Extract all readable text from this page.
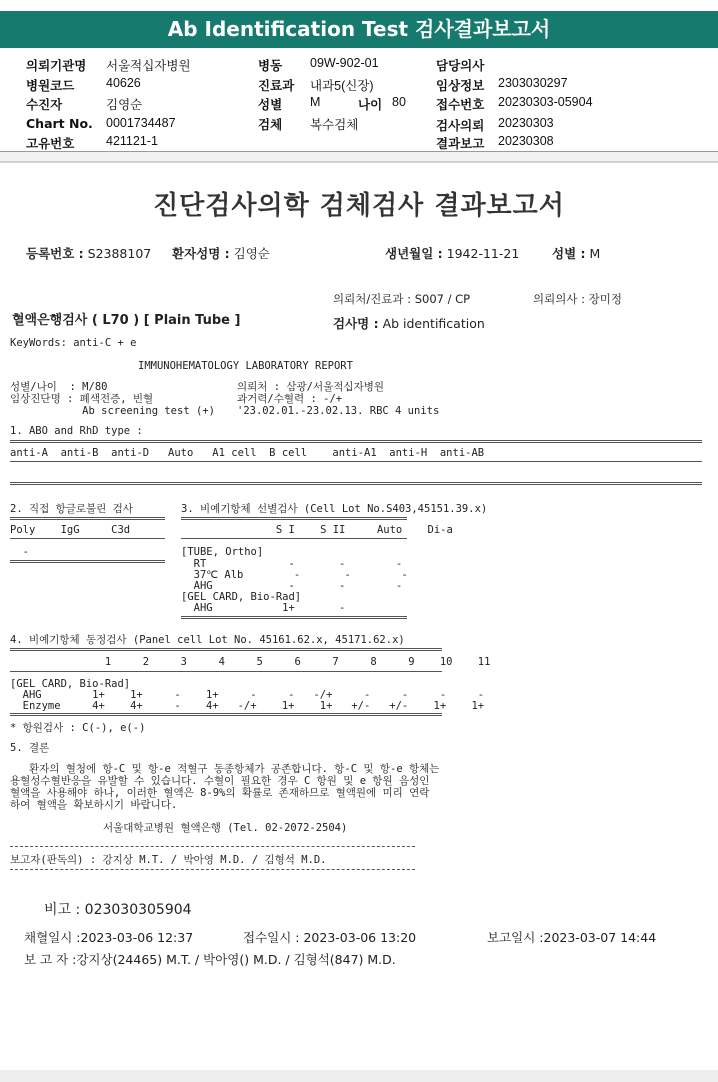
Ab Identification Test 검사결과보고서
의뢰기관명 서울적십자병원
병원코드	40626
수진자	김영순
Chart No. 0001734487
고유번호	421121-1
병동 09W-902-01
진료과 내과5(신장)
성별 M	나이 80
검체 복수검체
담당의사
임상정보 2303030297
접수번호 20230303-05904
검사의뢰 20230303
결과보고 20230308
진단검사의학 검체검사 결과보고서
등록번호 : S2388107 환자성명 : 김영순	생년월일 : 1942-11-21	성별 : M
의뢰처/진료과 : S007 / CP	의뢰의사 : 장미정
혈액은행검사 ( L70 ) [ Plain Tube ]	검사명 : Ab identification
KeyWords: anti-C + e
IMMUNOHEMATOLOGY LABORATORY REPORT
성별/나이  : M/80
임상진단명 : 폐색전증, 빈혈
Ab screening test (+)
의뢰처 : 삼광/서울적십자병원
과거력/수혈력 : -/+
'23.02.01.-23.02.13. RBC 4 units
1. ABO and RhD type :
anti-A  anti-B  anti-D   Auto   A1 cell  B cell    anti-A1  anti-H  anti-AB
2. 직접 항글로불린 검사
Poly    IgG     C3d
-
3. 비예기항체 선별검사 (Cell Lot No.S403,45151.39.x)
S I    S II     Auto    Di-a
[TUBE, Ortho]
RT             -       -        -
37℃ Alb        -       -        -
AHG            -       -        -
[GEL CARD, Bio-Rad]
AHG           1+       -
4. 비예기항체 동정검사 (Panel cell Lot No. 45161.62.x, 45171.62.x)
1     2     3     4     5     6     7     8     9    10    11
[GEL CARD, Bio-Rad]
AHG        1+    1+     -    1+     -     -   -/+     -     -     -     -
Enzyme     4+    4+     -    4+   -/+    1+    1+   +/-   +/-    1+    1+
* 항원검사 : C(-), e(-)
5. 결론
환자의 혈청에 항-C 및 항-e 적혈구 동종항체가 공존합니다. 항-C 및 항-e 항체는
용혈성수혈반응을 유발할 수 있습니다. 수혈이 필요한 경우 C 항원 및 e 항원 음성인
혈액을 사용해야 하나, 이러한 혈액은 8-9%의 확률로 존재하므로 혈액원에 미리 연락
하여 혈액을 확보하시기 바랍니다.
서울대학교병원 혈액은행 (Tel. 02-2072-2504)
보고자(판독의) : 강지상 M.T. / 박아영 M.D. / 김형석 M.D.
비고 : 023030305904
채혈일시 :2023-03-06 12:37	접수일시 : 2023-03-06 13:20	보고일시 :2023-03-07 14:44
보 고 자 :강지상(24465) M.T. / 박아영() M.D. / 김형석(847) M.D.
